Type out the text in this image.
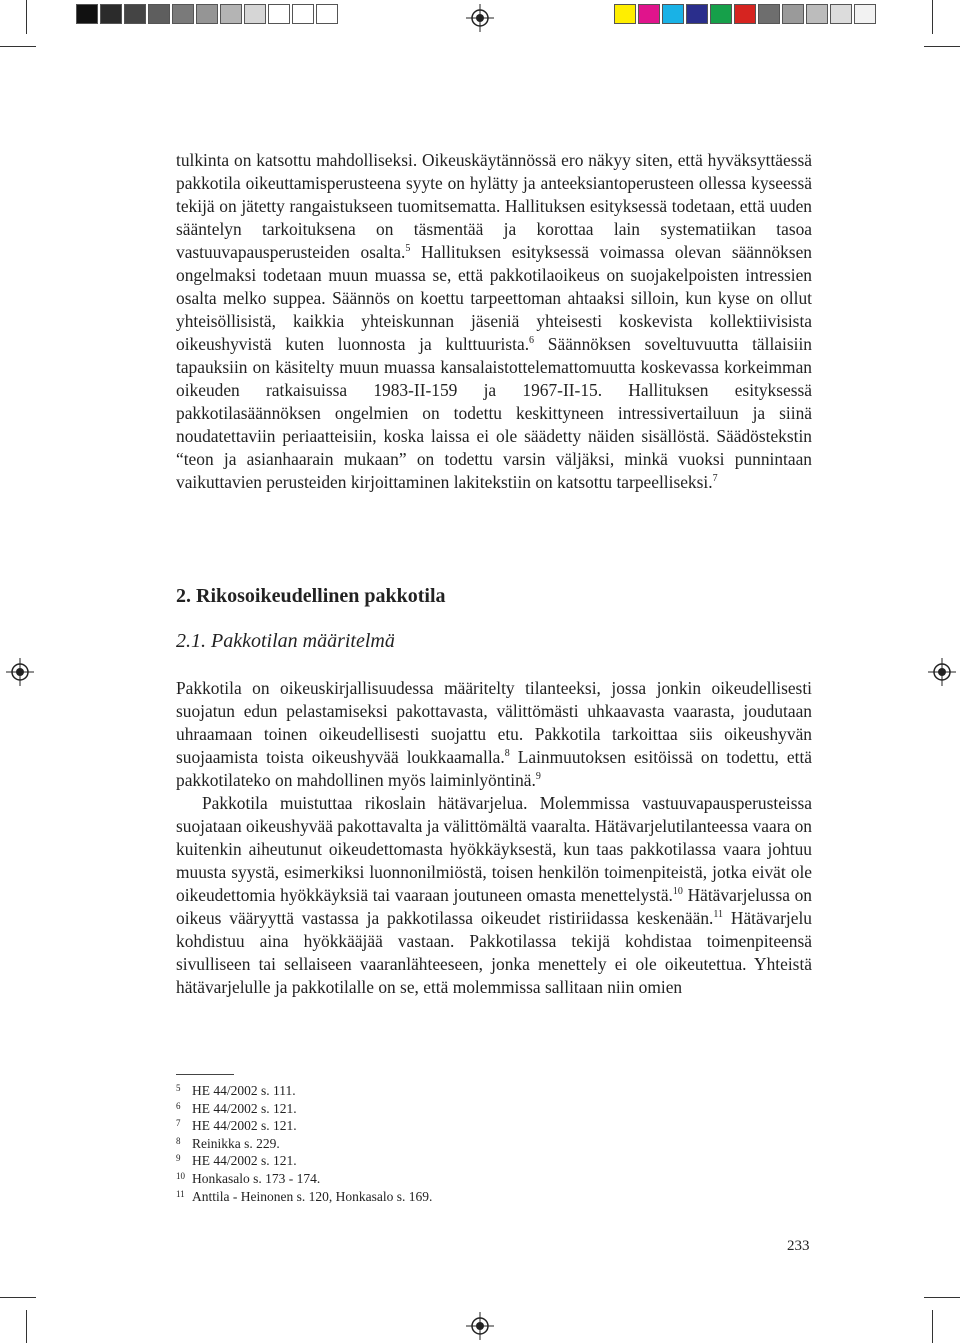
tulkinta on katsottu mahdolliseksi. Oikeuskäytännössä ero näkyy siten, että hyväksyttäessä pakkotila oikeuttamisperusteena syyte on hylätty ja anteeksiantoperusteen ollessa kyseessä tekijä on jätetty rangaistukseen tuomitsematta. Hallituksen esityksessä todetaan, että uuden sääntelyn tarkoituksena on täsmentää ja korottaa lain systematiikan tasoa vastuuvapausperusteiden osalta.$^5$ Hallituksen esityksessä voimassa olevan säännöksen ongelmaksi todetaan muun muassa se, että pakkotilaoikeus on suojakelpoisten intressien osalta melko suppea. Säännös on koettu tarpeettoman ahtaaksi silloin, kun kyse on ollut yhteisöllisistä, kaikkia yhteiskunnan jäseniä yhteisesti koskevista kollektiivisista oikeushyvistä kuten luonnosta ja kulttuurista.$^6$ Säännöksen soveltuvuutta tällaisiin tapauksiin on käsitelty muun muassa kansalaistottelemattomuutta koskevassa korkeimman oikeuden ratkaisuissa 1983-II-159 ja 1967-II-15. Hallituksen esityksessä pakkotilasäännöksen ongelmien on todettu keskittyneen intressivertailuun ja siinä noudatettaviin periaatteisiin, koska laissa ei ole säädetty näiden sisällöstä. Säädöstekstin “teon ja asianhaarain mukaan” on todettu varsin väljäksi, minkä vuoksi punnintaan vaikuttavien perusteiden kirjoittaminen lakitekstiin on katsottu tarpeelliseksi.$^7$

2. Rikosoikeudellinen pakkotila
2.1. Pakkotilan määritelmä

Pakkotila on oikeuskirjallisuudessa määritelty tilanteeksi, jossa jonkin oikeudellisesti suojatun edun pelastamiseksi pakottavasta, välittömästi uhkaavasta vaarasta, joudutaan uhraamaan toinen oikeudellisesti suojattu etu. Pakkotila tarkoittaa siis oikeushyvän suojaamista toista oikeushyvää loukkaamalla.$^8$ Lainmuutoksen esitöissä on todettu, että pakkotilateko on mahdollinen myös laiminlyöntinä.$^9$

Pakkotila muistuttaa rikoslain hätävarjelua. Molemmissa vastuuvapausperusteissa suojataan oikeushyvää pakottavalta ja välittömältä vaaralta. Hätävarjelutilanteessa vaara on kuitenkin aiheutunut oikeudettomasta hyökkäyksestä, kun taas pakkotilassa vaara johtuu muusta syystä, esimerkiksi luonnonilmiöstä, toisen henkilön toimenpiteistä, jotka eivät ole oikeudettomia hyökkäyksiä tai vaaraan joutuneen omasta menettelystä.$^{10}$ Hätävarjelussa on oikeus vääryyttä vastassa ja pakkotilassa oikeudet ristiriidassa keskenään.$^{11}$ Hätävarjelu kohdistuu aina hyökkääjää vastaan. Pakkotilassa tekijä kohdistaa toimenpiteensä sivulliseen tai sellaiseen vaaranlähteeseen, jonka menettely ei ole oikeutettua. Yhteistä hätävarjelulle ja pakkotilalle on se, että molemmissa sallitaan niin omien

5 HE 44/2002 s. 111.
6 HE 44/2002 s. 121.
7 HE 44/2002 s. 121.
8 Reinikka s. 229.
9 HE 44/2002 s. 121.
10 Honkasalo s. 173 - 174.
11 Anttila - Heinonen s. 120, Honkasalo s. 169.
233
